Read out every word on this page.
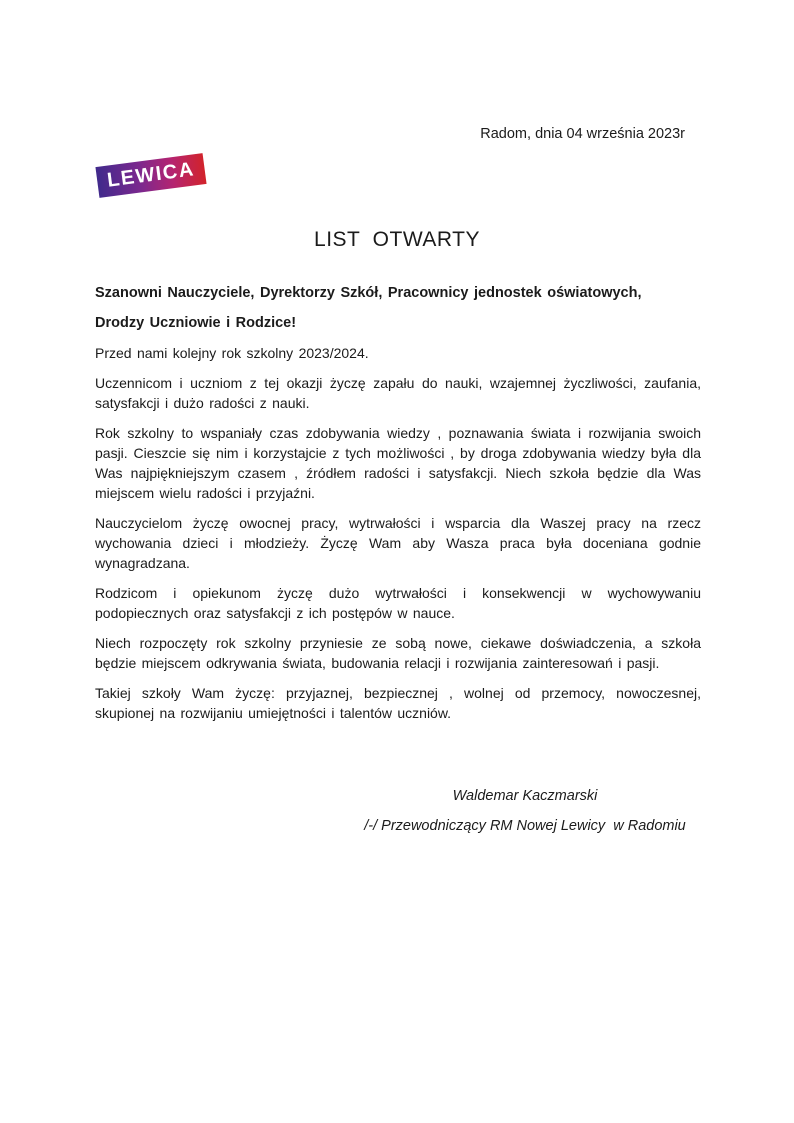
Radom, dnia 04 września 2023r
LEWICA
LIST  OTWARTY

Szanowni Nauczyciele, Dyrektorzy Szkół, Pracownicy jednostek oświatowych,

Drodzy Uczniowie i Rodzice!

Przed nami kolejny rok szkolny 2023/2024.

Uczennicom i uczniom z tej okazji życzę zapału do nauki, wzajemnej życzliwości, zaufania, satysfakcji i dużo radości z nauki.

Rok szkolny to wspaniały czas zdobywania wiedzy , poznawania świata i rozwijania swoich pasji. Cieszcie się nim i korzystajcie z tych możliwości , by droga zdobywania wiedzy była dla Was najpiękniejszym czasem , źródłem radości i satysfakcji. Niech szkoła będzie dla Was miejscem wielu radości i przyjaźni.

Nauczycielom życzę owocnej pracy, wytrwałości i wsparcia dla Waszej pracy na rzecz wychowania dzieci i młodzieży. Życzę Wam aby Wasza praca była doceniana godnie wynagradzana.

Rodzicom i opiekunom życzę dużo wytrwałości i konsekwencji w wychowywaniu podopiecznych oraz satysfakcji z ich postępów w nauce.

Niech rozpoczęty rok szkolny przyniesie ze sobą nowe, ciekawe doświadczenia, a szkoła będzie miejscem odkrywania świata, budowania relacji i rozwijania zainteresowań i pasji.

Takiej szkoły Wam życzę: przyjaznej, bezpiecznej , wolnej od przemocy, nowoczesnej, skupionej na rozwijaniu umiejętności i talentów uczniów.

Waldemar Kaczmarski
/-/ Przewodniczący RM Nowej Lewicy  w Radomiu
